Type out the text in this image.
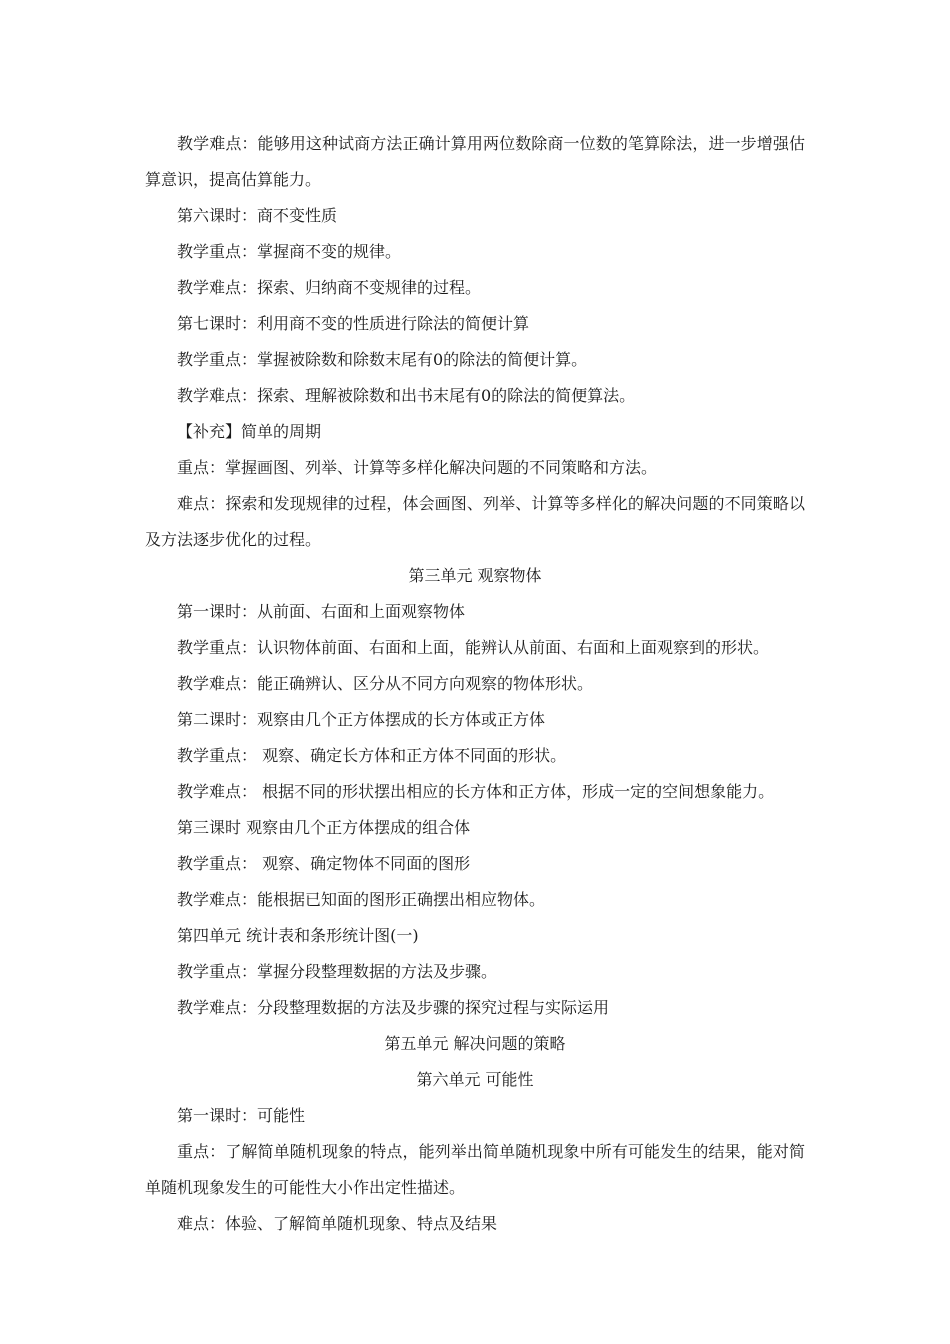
教学难点：能够用这种试商方法正确计算用两位数除商一位数的笔算除法，进一步增强估算意识，提高估算能力。

第六课时：商不变性质

教学重点：掌握商不变的规律。

教学难点：探索、归纳商不变规律的过程。

第七课时：利用商不变的性质进行除法的简便计算

教学重点：掌握被除数和除数末尾有0的除法的简便计算。

教学难点：探索、理解被除数和出书末尾有0的除法的简便算法。

【补充】简单的周期

重点：掌握画图、列举、计算等多样化解决问题的不同策略和方法。

难点：探索和发现规律的过程，体会画图、列举、计算等多样化的解决问题的不同策略以及方法逐步优化的过程。

第三单元 观察物体

第一课时：从前面、右面和上面观察物体

教学重点：认识物体前面、右面和上面，能辨认从前面、右面和上面观察到的形状。

教学难点：能正确辨认、区分从不同方向观察的物体形状。

第二课时：观察由几个正方体摆成的长方体或正方体

教学重点： 观察、确定长方体和正方体不同面的形状。

教学难点： 根据不同的形状摆出相应的长方体和正方体，形成一定的空间想象能力。

第三课时 观察由几个正方体摆成的组合体

教学重点： 观察、确定物体不同面的图形

教学难点：能根据已知面的图形正确摆出相应物体。

第四单元 统计表和条形统计图(一)

教学重点：掌握分段整理数据的方法及步骤。

教学难点：分段整理数据的方法及步骤的探究过程与实际运用

第五单元 解决问题的策略

第六单元 可能性

第一课时：可能性

重点：了解简单随机现象的特点，能列举出简单随机现象中所有可能发生的结果，能对简单随机现象发生的可能性大小作出定性描述。

难点：体验、了解简单随机现象、特点及结果
